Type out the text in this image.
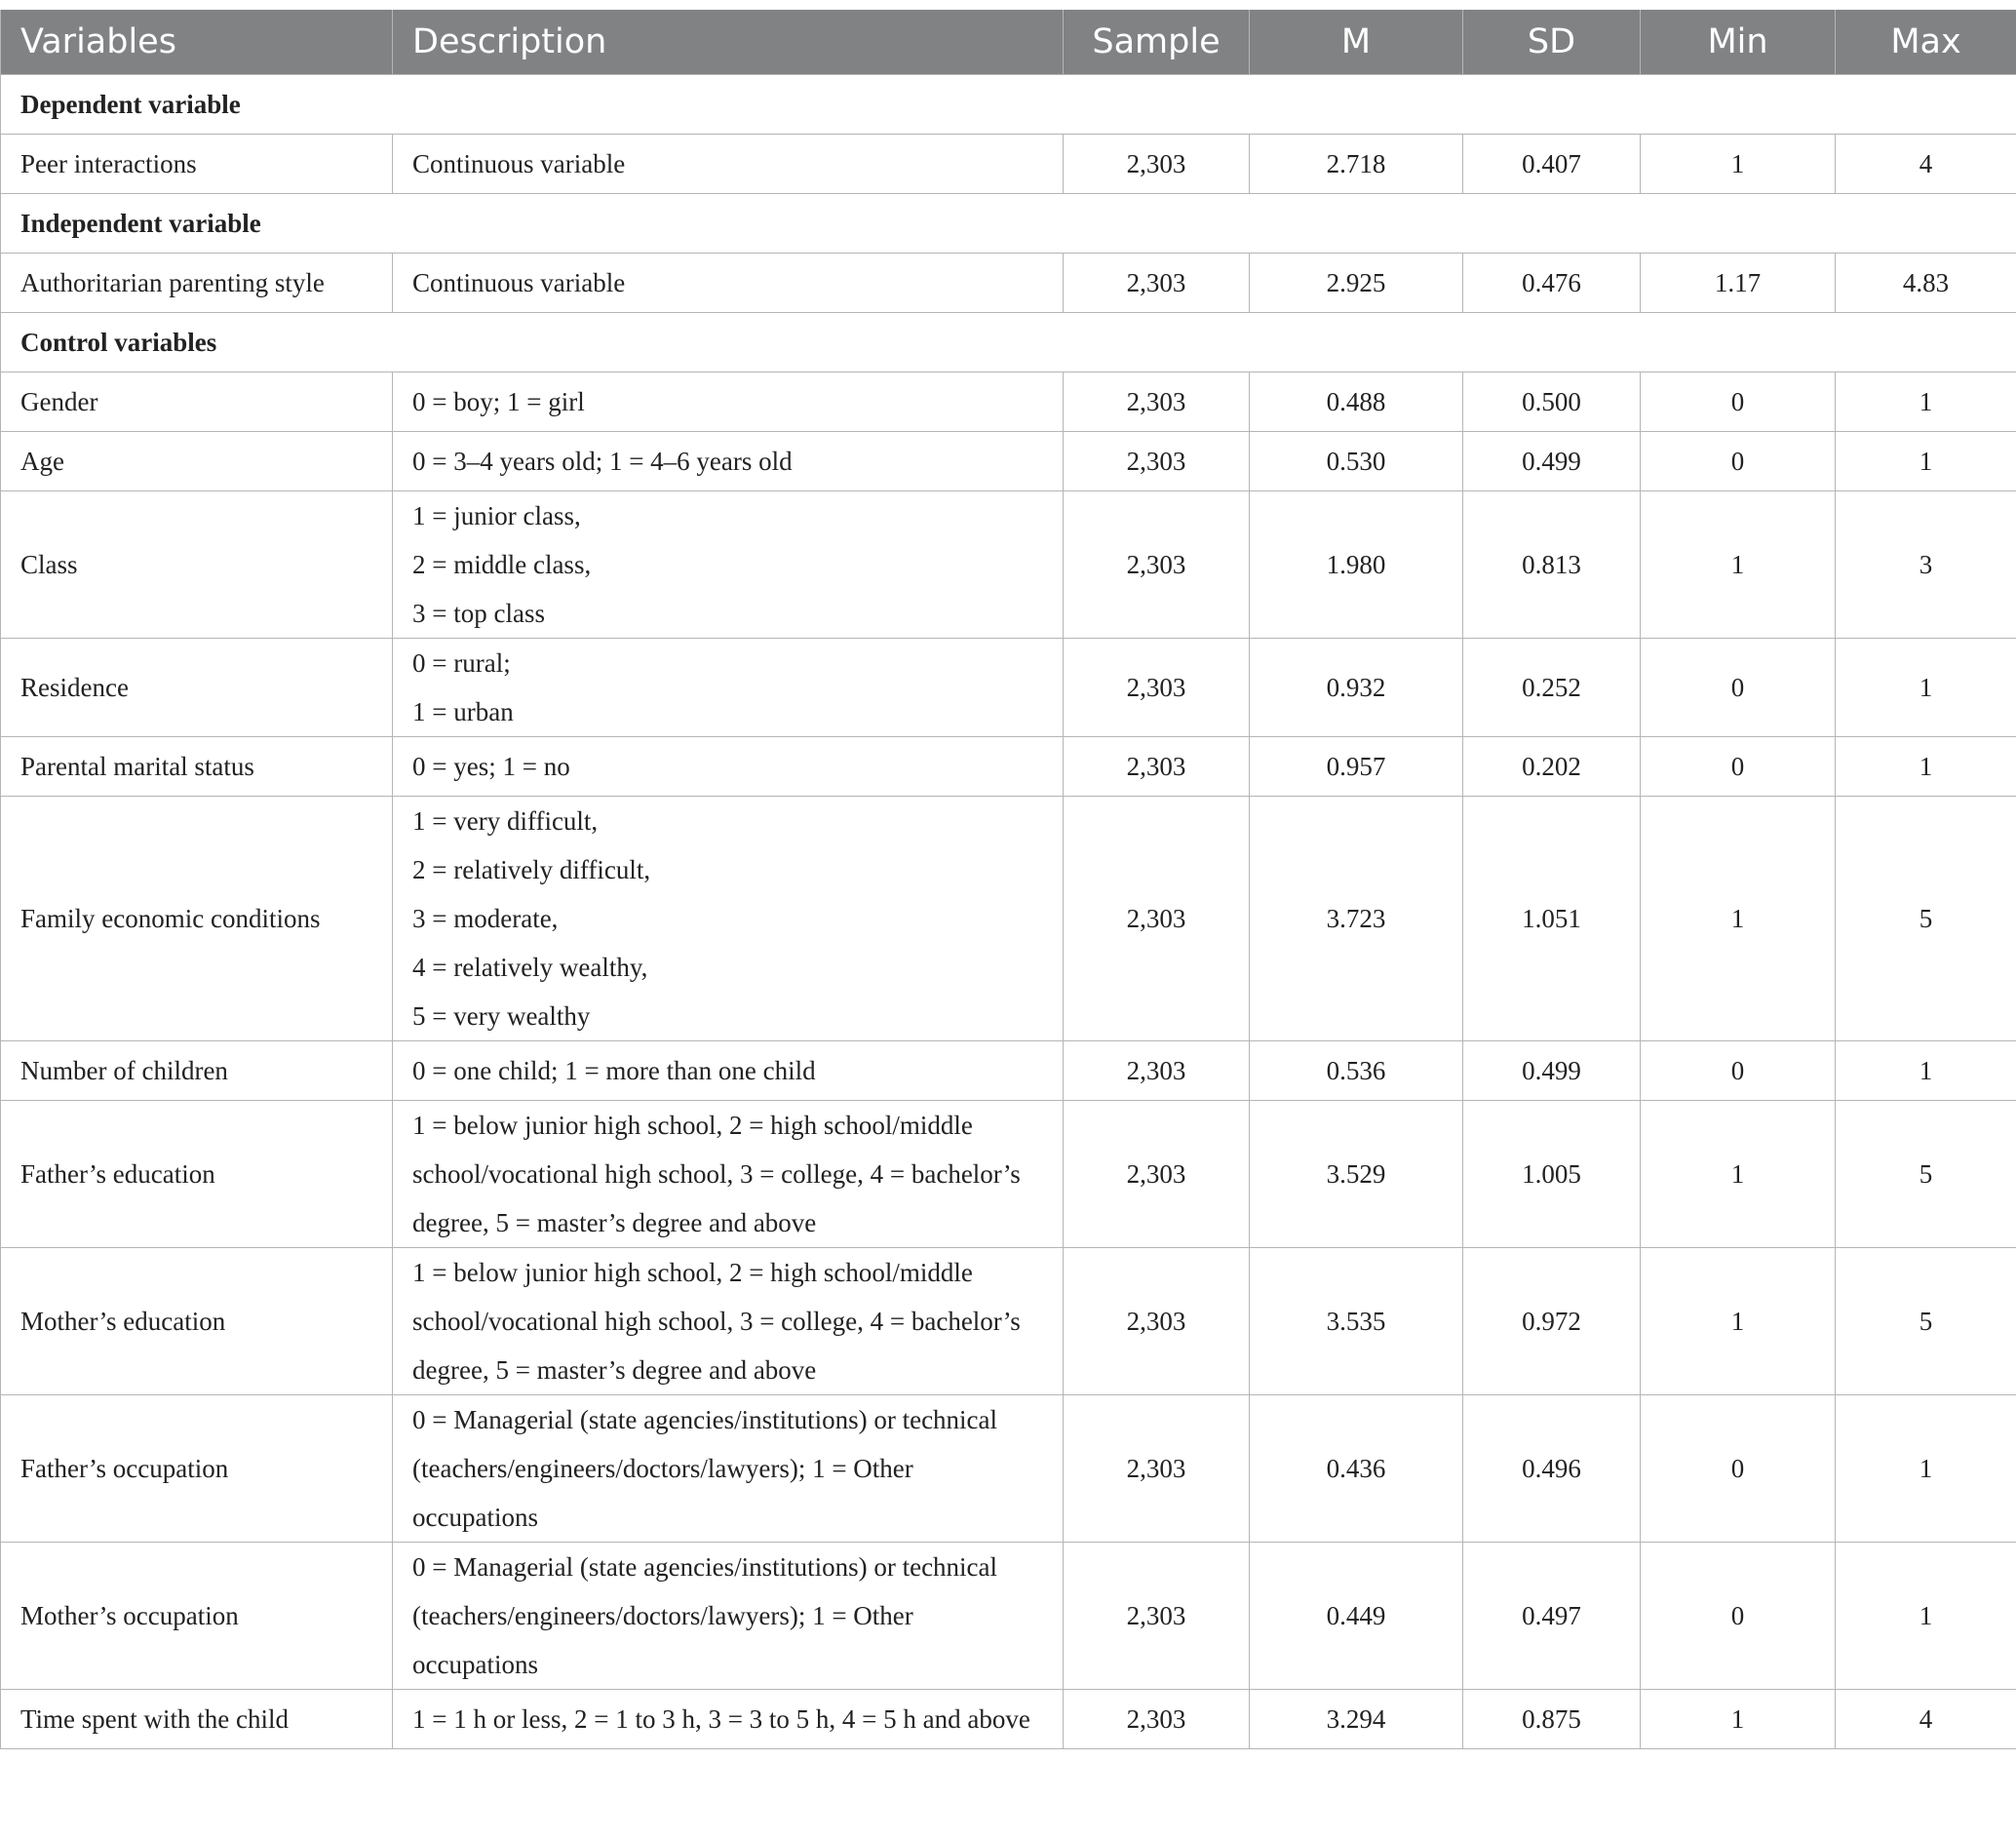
Variables	Description	Sample	M	SD	Min	Max
Dependent variable						
Peer interactions	Continuous variable	2,303	2.718	0.407	1	4
Independent variable						
Authoritarian parenting style	Continuous variable	2,303	2.925	0.476	1.17	4.83
Control variables						
Gender	0 = boy; 1 = girl	2,303	0.488	0.500	0	1
Age	0 = 3–4 years old; 1 = 4–6 years old	2,303	0.530	0.499	0	1
Class	1 = junior class,
2 = middle class,
3 = top class	2,303	1.980	0.813	1	3
Residence	0 = rural;
1 = urban	2,303	0.932	0.252	0	1
Parental marital status	0 = yes; 1 = no	2,303	0.957	0.202	0	1
Family economic conditions	1 = very difficult,
2 = relatively difficult,
3 = moderate,
4 = relatively wealthy,
5 = very wealthy	2,303	3.723	1.051	1	5
Number of children	0 = one child; 1 = more than one child	2,303	0.536	0.499	0	1
Father’s education	1 = below junior high school, 2 = high school/middle
school/vocational high school, 3 = college, 4 = bachelor’s
degree, 5 = master’s degree and above	2,303	3.529	1.005	1	5
Mother’s education	1 = below junior high school, 2 = high school/middle
school/vocational high school, 3 = college, 4 = bachelor’s
degree, 5 = master’s degree and above	2,303	3.535	0.972	1	5
Father’s occupation	0 = Managerial (state agencies/institutions) or technical
(teachers/engineers/doctors/lawyers); 1 = Other
occupations	2,303	0.436	0.496	0	1
Mother’s occupation	0 = Managerial (state agencies/institutions) or technical
(teachers/engineers/doctors/lawyers); 1 = Other
occupations	2,303	0.449	0.497	0	1
Time spent with the child	1 = 1 h or less, 2 = 1 to 3 h, 3 = 3 to 5 h, 4 = 5 h and above	2,303	3.294	0.875	1	4
